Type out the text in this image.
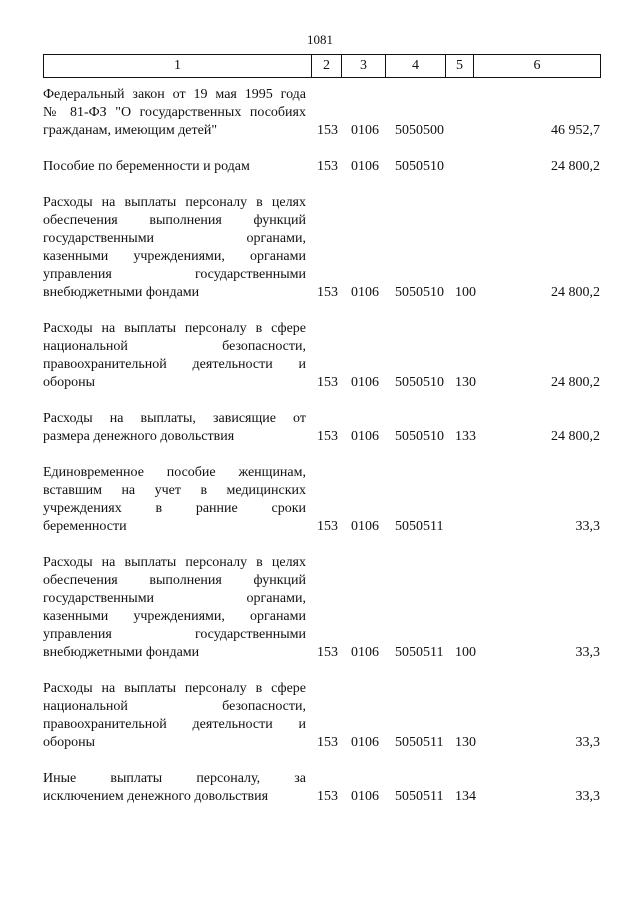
1081
1	2	3	4	5	6
Федеральный закон от 19 мая 1995 года
№ 81-ФЗ "О государственных пособиях
гражданам, имеющим детей"	153 0106 5050500	46 952,7
Пособие по беременности и родам	153 0106 5050510	24 800,2
Расходы на выплаты персоналу в целях
обеспечения выполнения функций
государственными органами,
казенными учреждениями, органами
управления государственными
внебюджетными фондами	153 0106 5050510 100	24 800,2
Расходы на выплаты персоналу в сфере
национальной безопасности,
правоохранительной деятельности и
обороны	153 0106 5050510 130	24 800,2
Расходы на выплаты, зависящие от
размера денежного довольствия	153 0106 5050510 133	24 800,2
Единовременное пособие женщинам,
вставшим на учет в медицинских
учреждениях в ранние сроки
беременности	153 0106 5050511	33,3
Расходы на выплаты персоналу в целях
обеспечения выполнения функций
государственными органами,
казенными учреждениями, органами
управления государственными
внебюджетными фондами	153 0106 5050511 100	33,3
Расходы на выплаты персоналу в сфере
национальной безопасности,
правоохранительной деятельности и
обороны	153 0106 5050511 130	33,3
Иные выплаты персоналу, за
исключением денежного довольствия	153 0106 5050511 134	33,3
